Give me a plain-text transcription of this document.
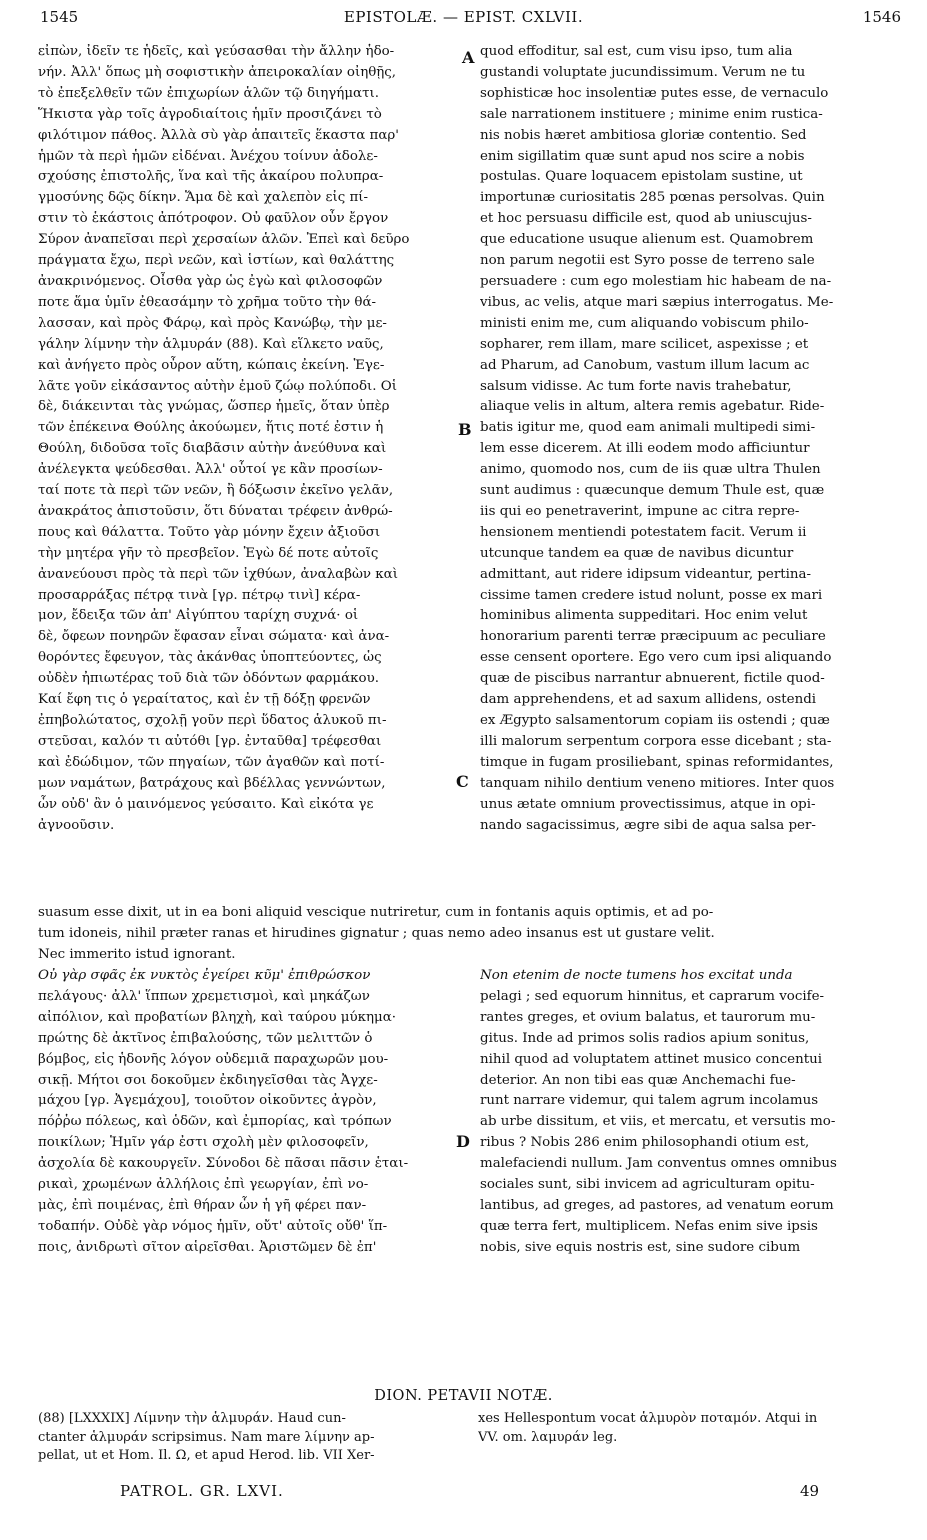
1545	EPISTOLÆ. — EPIST. CXLVII.	1546
A
B
C
D
εἰπὼν, ἰδεῖν τε ἡδεῖς, καὶ γεύσασθαι τὴν ἄλλην ἡδο-
νήν. Ἀλλ' ὅπως μὴ σοφιστικὴν ἀπειροκαλίαν οἰηθῇς,
τὸ ἐπεξελθεῖν τῶν ἐπιχωρίων ἁλῶν τῷ διηγήματι.
Ἥκιστα γὰρ τοῖς ἀγροδιαίτοις ἡμῖν προσιζάνει τὸ
φιλότιμον πάθος. Ἀλλὰ σὺ γὰρ ἀπαιτεῖς ἕκαστα παρ'
ἡμῶν τὰ περὶ ἡμῶν εἰδέναι. Ἀνέχου τοίνυν ἀδολε-
σχούσης ἐπιστολῆς, ἵνα καὶ τῆς ἀκαίρου πολυπρα-
γμοσύνης δῷς δίκην. Ἅμα δὲ καὶ χαλεπὸν εἰς πί-
στιν τὸ ἑκάστοις ἀπότροφον. Οὐ φαῦλον οὖν ἔργον
Σύρον ἀναπεῖσαι περὶ χερσαίων ἁλῶν. Ἐπεὶ καὶ δεῦρο
πράγματα ἔχω, περὶ νεῶν, καὶ ἱστίων, καὶ θαλάττης
ἀνακρινόμενος. Οἶσθα γὰρ ὡς ἐγὼ καὶ φιλοσοφῶν
ποτε ἅμα ὑμῖν ἐθεασάμην τὸ χρῆμα τοῦτο τὴν θά-
λασσαν, καὶ πρὸς Φάρῳ, καὶ πρὸς Κανώβῳ, τὴν με-
γάλην λίμνην τὴν ἁλμυράν (88). Καὶ εἵλκετο ναῦς,
καὶ ἀνήγετο πρὸς οὖρον αὕτη, κώπαις ἐκείνη. Ἐγε-
λᾶτε γοῦν εἰκάσαντος αὐτὴν ἐμοῦ ζώῳ πολύποδι. Οἱ
δὲ, διάκεινται τὰς γνώμας, ὥσπερ ἡμεῖς, ὅταν ὑπὲρ
τῶν ἐπέκεινα Θούλης ἀκούωμεν, ἥτις ποτέ ἐστιν ἡ
Θούλη, διδοῦσα τοῖς διαβᾶσιν αὐτὴν ἀνεύθυνα καὶ
ἀνέλεγκτα ψεύδεσθαι. Ἀλλ' οὗτοί γε κἂν προσίων-
ταί ποτε τὰ περὶ τῶν νεῶν, ἢ δόξωσιν ἐκεῖνο γελᾶν,
ἀνακράτος ἀπιστοῦσιν, ὅτι δύναται τρέφειν ἀνθρώ-
πους καὶ θάλαττα. Τοῦτο γὰρ μόνην ἔχειν ἀξιοῦσι
τὴν μητέρα γῆν τὸ πρεσβεῖον. Ἐγὼ δέ ποτε αὐτοῖς
ἀνανεύουσι πρὸς τὰ περὶ τῶν ἰχθύων, ἀναλαβὼν καὶ
προσαρράξας πέτρᾳ τινὰ [γρ. πέτρῳ τινὶ] κέρα-
μον, ἔδειξα τῶν ἀπ' Αἰγύπτου ταρίχη συχνά· οἱ
δὲ, ὄφεων πονηρῶν ἔφασαν εἶναι σώματα· καὶ ἀνα-
θορόντες ἔφευγον, τὰς ἀκάνθας ὑποπτεύοντες, ὡς
οὐδὲν ἠπιωτέρας τοῦ διὰ τῶν ὀδόντων φαρμάκου.
Καί ἔφη τις ὁ γεραίτατος, καὶ ἐν τῇ δόξῃ φρενῶν
ἐπηβολώτατος, σχολῇ γοῦν περὶ ὕδατος ἁλυκοῦ πι-
στεῦσαι, καλόν τι αὐτόθι [γρ. ἐνταῦθα] τρέφεσθαι
καὶ ἐδώδιμον, τῶν πηγαίων, τῶν ἀγαθῶν καὶ ποτί-
μων ναμάτων, βατράχους καὶ βδέλλας γεννώντων,
ὧν οὐδ' ἂν ὁ μαινόμενος γεύσαιτο. Καὶ εἰκότα γε
ἀγνοοῦσιν.
quod effoditur, sal est, cum visu ipso, tum alia
gustandi voluptate jucundissimum. Verum ne tu
sophisticæ hoc insolentiæ putes esse, de vernaculo
sale narrationem instituere ; minime enim rustica-
nis nobis hæret ambitiosa gloriæ contentio. Sed
enim sigillatim quæ sunt apud nos scire a nobis
postulas. Quare loquacem epistolam sustine, ut
importunæ curiositatis 285 pœnas persolvas. Quin
et hoc persuasu difficile est, quod ab uniuscujus-
que educatione usuque alienum est. Quamobrem
non parum negotii est Syro posse de terreno sale
persuadere : cum ego molestiam hic habeam de na-
vibus, ac velis, atque mari sæpius interrogatus. Me-
ministi enim me, cum aliquando vobiscum philo-
sopharer, rem illam, mare scilicet, aspexisse ; et
ad Pharum, ad Canobum, vastum illum lacum ac
salsum vidisse. Ac tum forte navis trahebatur,
aliaque velis in altum, altera remis agebatur. Ride-
batis igitur me, quod eam animali multipedi simi-
lem esse dicerem. At illi eodem modo afficiuntur
animo, quomodo nos, cum de iis quæ ultra Thulen
sunt audimus : quæcunque demum Thule est, quæ
iis qui eo penetraverint, impune ac citra repre-
hensionem mentiendi potestatem facit. Verum ii
utcunque tandem ea quæ de navibus dicuntur
admittant, aut ridere idipsum videantur, pertina-
cissime tamen credere istud nolunt, posse ex mari
hominibus alimenta suppeditari. Hoc enim velut
honorarium parenti terræ præcipuum ac peculiare
esse censent oportere. Ego vero cum ipsi aliquando
quæ de piscibus narrantur abnuerent, fictile quod-
dam apprehendens, et ad saxum allidens, ostendi
ex Ægypto salsamentorum copiam iis ostendi ; quæ
illi malorum serpentum corpora esse dicebant ; sta-
timque in fugam prosiliebant, spinas reformidantes,
tanquam nihilo dentium veneno mitiores. Inter quos
unus ætate omnium provectissimus, atque in opi-
nando sagacissimus, ægre sibi de aqua salsa per-
suasum esse dixit, ut in ea boni aliquid vescique nutriretur, cum in fontanis aquis optimis, et ad po-
tum idoneis, nihil præter ranas et hirudines gignatur ; quas nemo adeo insanus est ut gustare velit.
Nec immerito istud ignorant.
Οὐ γὰρ σφᾶς ἐκ νυκτὸς ἐγείρει κῦμ' ἐπιθρώσκον
πελάγους· ἀλλ' ἵππων χρεμετισμοὶ, καὶ μηκάζων
αἰπόλιον, καὶ προβατίων βληχὴ, καὶ ταύρου μύκημα·
πρώτης δὲ ἀκτῖνος ἐπιβαλούσης, τῶν μελιττῶν ὁ
βόμβος, εἰς ἡδονῆς λόγον οὐδεμιᾶ παραχωρῶν μου-
σικῇ. Μήτοι σοι δοκοῦμεν ἐκδιηγεῖσθαι τὰς Ἀγχε-
μάχου [γρ. Ἀγεμάχου], τοιοῦτον οἰκοῦντες ἀγρὸν,
πόῤῥω πόλεως, καὶ ὁδῶν, καὶ ἐμπορίας, καὶ τρόπων
ποικίλων; Ἡμῖν γάρ ἐστι σχολὴ μὲν φιλοσοφεῖν,
ἀσχολία δὲ κακουργεῖν. Σύνοδοι δὲ πᾶσαι πᾶσιν ἑται-
ρικαὶ, χρωμένων ἀλλήλοις ἐπὶ γεωργίαν, ἐπὶ νο-
μὰς, ἐπὶ ποιμένας, ἐπὶ θήραν ὧν ἡ γῆ φέρει παν-
τοδαπήν. Οὐδὲ γὰρ νόμος ἡμῖν, οὔτ' αὐτοῖς οὔθ' ἵπ-
ποις, ἀνιδρωτὶ σῖτον αἱρεῖσθαι. Ἀριστῶμεν δὲ ἐπ'
Non etenim de nocte tumens hos excitat unda
pelagi ; sed equorum hinnitus, et caprarum vocife-
rantes greges, et ovium balatus, et taurorum mu-
gitus. Inde ad primos solis radios apium sonitus,
nihil quod ad voluptatem attinet musico concentui
deterior. An non tibi eas quæ Anchemachi fue-
runt narrare videmur, qui talem agrum incolamus
ab urbe dissitum, et viis, et mercatu, et versutis mo-
ribus ? Nobis 286 enim philosophandi otium est,
malefaciendi nullum. Jam conventus omnes omnibus
sociales sunt, sibi invicem ad agriculturam opitu-
lantibus, ad greges, ad pastores, ad venatum eorum
quæ terra fert, multiplicem. Nefas enim sive ipsis
nobis, sive equis nostris est, sine sudore cibum
DION. PETAVII NOTÆ.
(88) [LXXXIX] Λίμνην τὴν ἁλμυράν. Haud cun-
ctanter ἁλμυράν scripsimus. Nam mare λίμνην ap-
pellat, ut et Hom. Il. Ω, et apud Herod. lib. VII Xer-
xes Hellespontum vocat ἁλμυρὸν ποταμόν. Atqui in
VV. om. λαμυράν leg.
PATROL. GR. LXVI.	49
